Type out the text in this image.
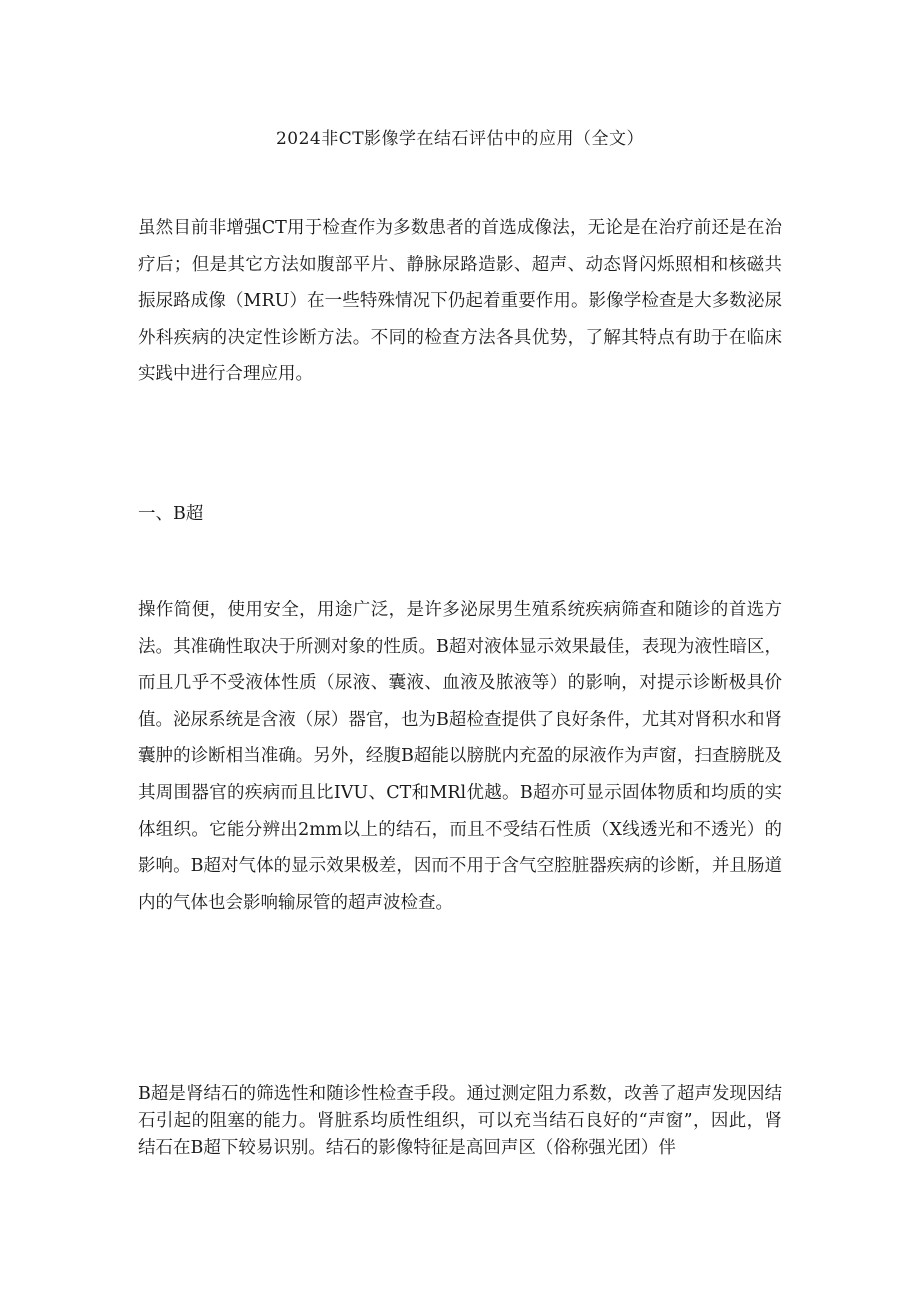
2024非CT影像学在结石评估中的应用（全文）

虽然目前非增强CT用于检查作为多数患者的首选成像法，无论是在治疗前还是在治疗后；但是其它方法如腹部平片、静脉尿路造影、超声、动态肾闪烁照相和核磁共振尿路成像（MRU）在一些特殊情况下仍起着重要作用。影像学检查是大多数泌尿外科疾病的决定性诊断方法。不同的检查方法各具优势，了解其特点有助于在临床实践中进行合理应用。

一、B超

操作简便，使用安全，用途广泛，是许多泌尿男生殖系统疾病筛查和随诊的首选方法。其准确性取决于所测对象的性质。B超对液体显示效果最佳，表现为液性暗区，而且几乎不受液体性质（尿液、囊液、血液及脓液等）的影响，对提示诊断极具价值。泌尿系统是含液（尿）器官，也为B超检查提供了良好条件，尤其对肾积水和肾囊肿的诊断相当准确。另外，经腹B超能以膀胱内充盈的尿液作为声窗，扫查膀胱及其周围器官的疾病而且比IVU、CT和MRl优越。B超亦可显示固体物质和均质的实体组织。它能分辨出2mm以上的结石，而且不受结石性质（X线透光和不透光）的影响。B超对气体的显示效果极差，因而不用于含气空腔脏器疾病的诊断，并且肠道内的气体也会影响输尿管的超声波检查。

B超是肾结石的筛选性和随诊性检查手段。通过测定阻力系数，改善了超声发现因结石引起的阻塞的能力。肾脏系均质性组织，可以充当结石良好的“声窗”，因此，肾结石在B超下较易识别。结石的影像特征是高回声区（俗称强光团）伴
